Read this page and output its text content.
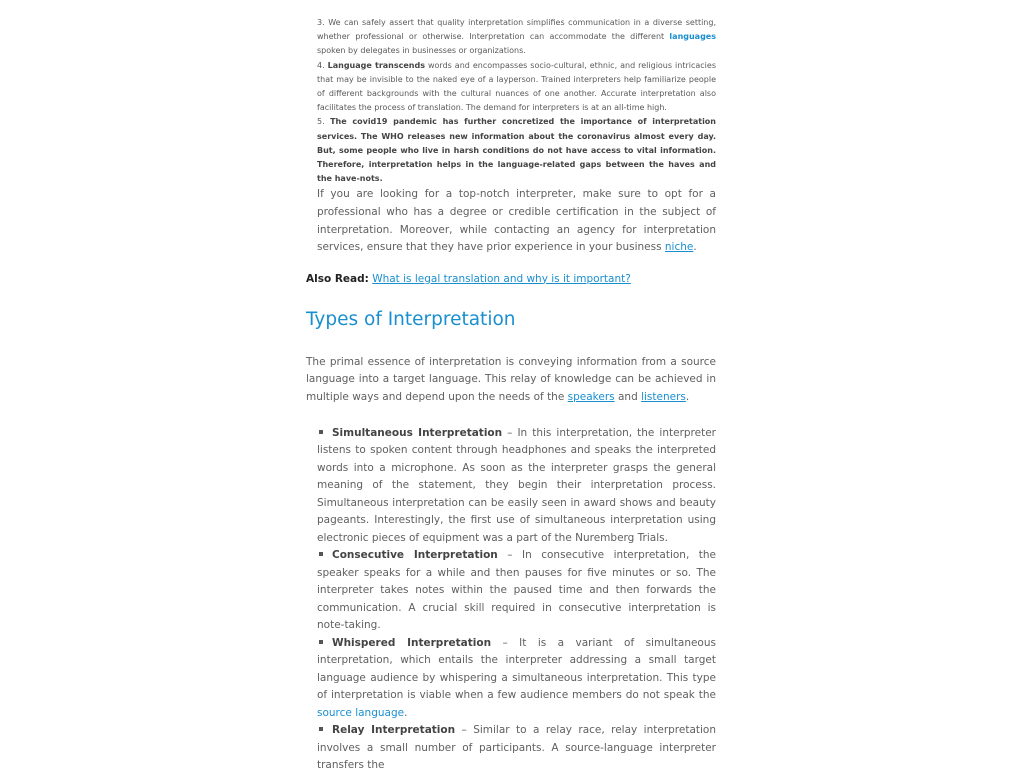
3. We can safely assert that quality interpretation simplifies communication in a diverse setting, whether professional or otherwise. Interpretation can accommodate the different languages spoken by delegates in businesses or organizations.

4. Language transcends words and encompasses socio-cultural, ethnic, and religious intricacies that may be invisible to the naked eye of a layperson. Trained interpreters help familiarize people of different backgrounds with the cultural nuances of one another. Accurate interpretation also facilitates the process of translation. The demand for interpreters is at an all-time high.

5. The covid19 pandemic has further concretized the importance of interpretation services. The WHO releases new information about the coronavirus almost every day. But, some people who live in harsh conditions do not have access to vital information. Therefore, interpretation helps in the language-related gaps between the haves and the have-nots.

If you are looking for a top-notch interpreter, make sure to opt for a professional who has a degree or credible certification in the subject of interpretation. Moreover, while contacting an agency for interpretation services, ensure that they have prior experience in your business niche.
Also Read: What is legal translation and why is it important?
Types of Interpretation
The primal essence of interpretation is conveying information from a source language into a target language. This relay of knowledge can be achieved in multiple ways and depend upon the needs of the speakers and listeners.
Simultaneous Interpretation – In this interpretation, the interpreter listens to spoken content through headphones and speaks the interpreted words into a microphone. As soon as the interpreter grasps the general meaning of the statement, they begin their interpretation process. Simultaneous interpretation can be easily seen in award shows and beauty pageants. Interestingly, the first use of simultaneous interpretation using electronic pieces of equipment was a part of the Nuremberg Trials.
Consecutive Interpretation – In consecutive interpretation, the speaker speaks for a while and then pauses for five minutes or so. The interpreter takes notes within the paused time and then forwards the communication. A crucial skill required in consecutive interpretation is note-taking.
Whispered Interpretation – It is a variant of simultaneous interpretation, which entails the interpreter addressing a small target language audience by whispering a simultaneous interpretation. This type of interpretation is viable when a few audience members do not speak the source language.
Relay Interpretation – Similar to a relay race, relay interpretation involves a small number of participants. A source-language interpreter transfers the
